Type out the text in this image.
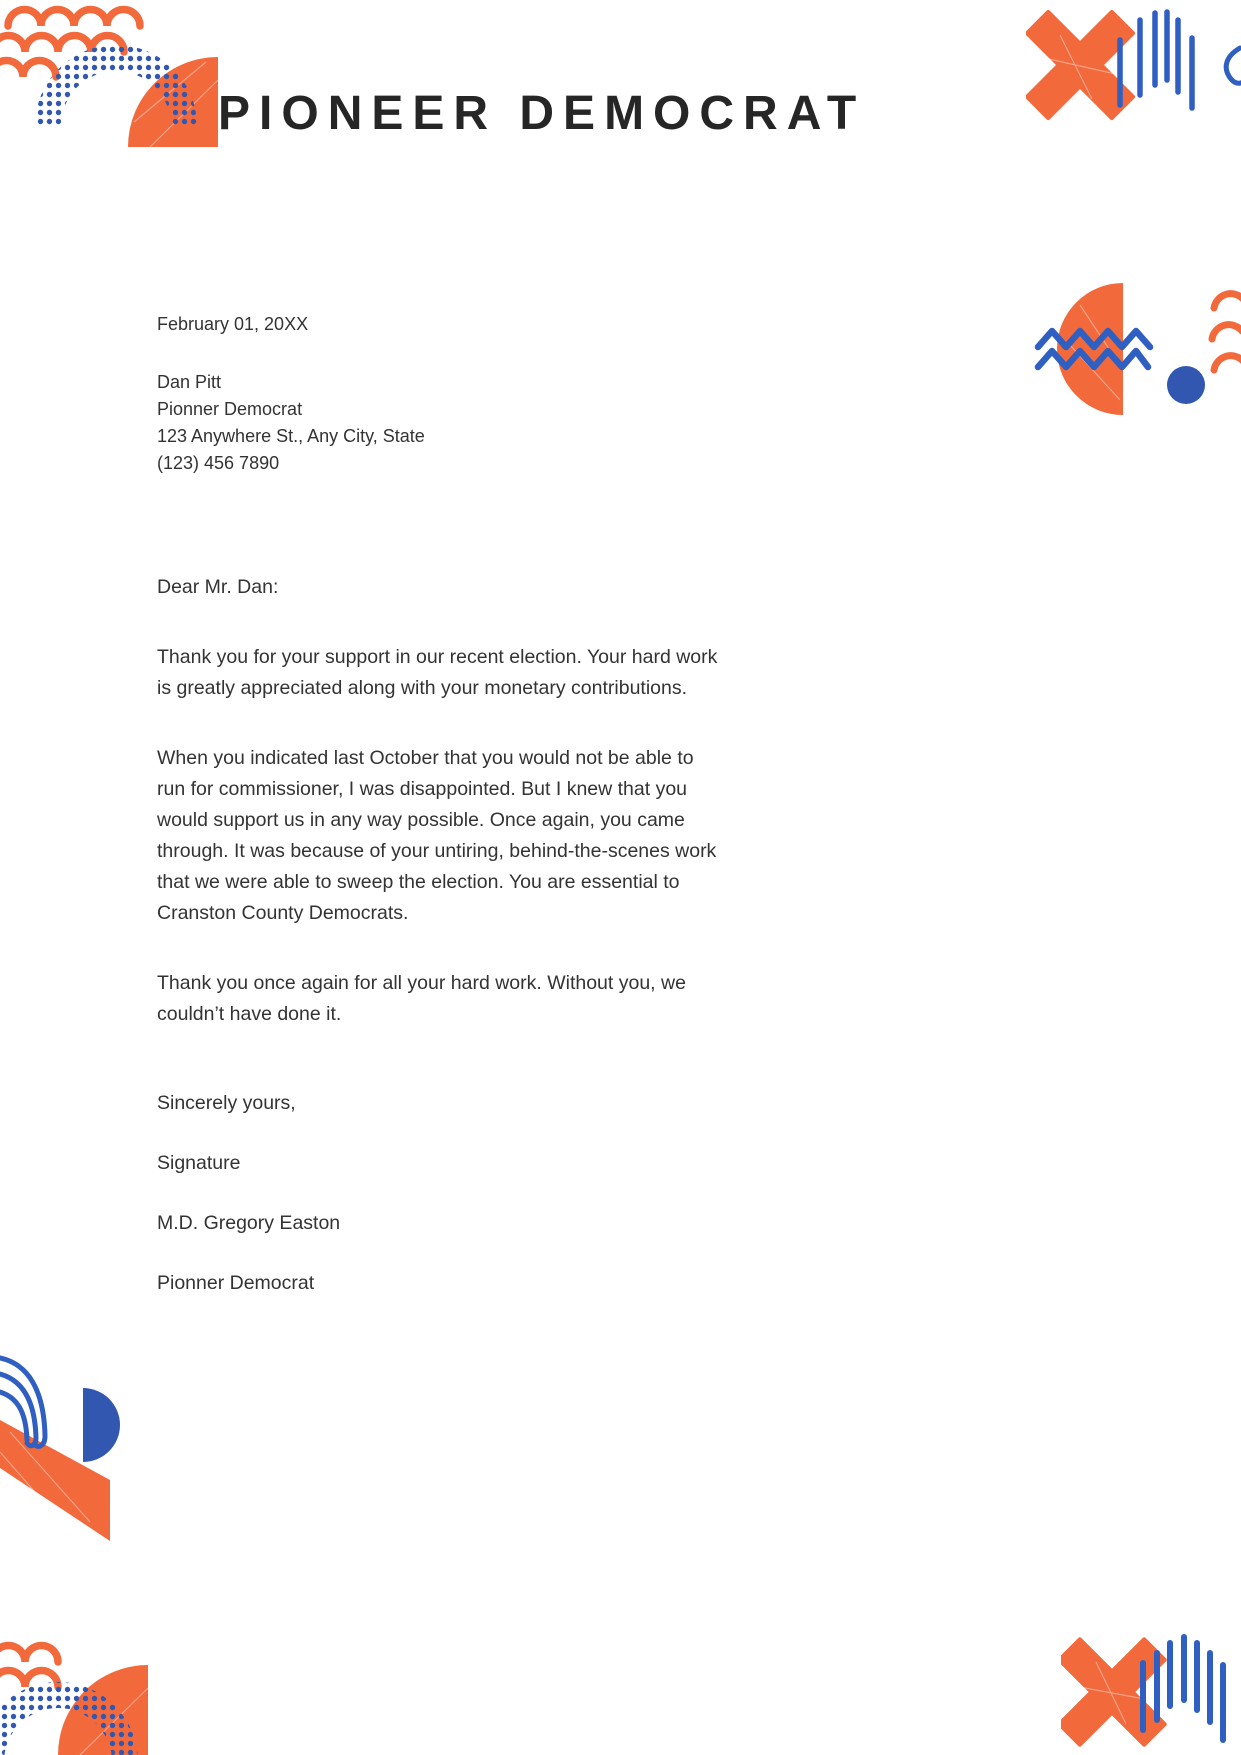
PIONEER DEMOCRAT
February 01, 20XX
Dan Pitt
Pionner Democrat
123 Anywhere St., Any City, State
(123) 456 7890

Dear Mr. Dan:

Thank you for your support in our recent election. Your hard work
is greatly appreciated along with your monetary contributions.

When you indicated last October that you would not be able to
run for commissioner, I was disappointed. But I knew that you
would support us in any way possible. Once again, you came
through. It was because of your untiring, behind-the-scenes work
that we were able to sweep the election. You are essential to
Cranston County Democrats.

Thank you once again for all your hard work. Without you, we
couldn’t have done it.

Sincerely yours,
Signature
M.D. Gregory Easton
Pionner Democrat
